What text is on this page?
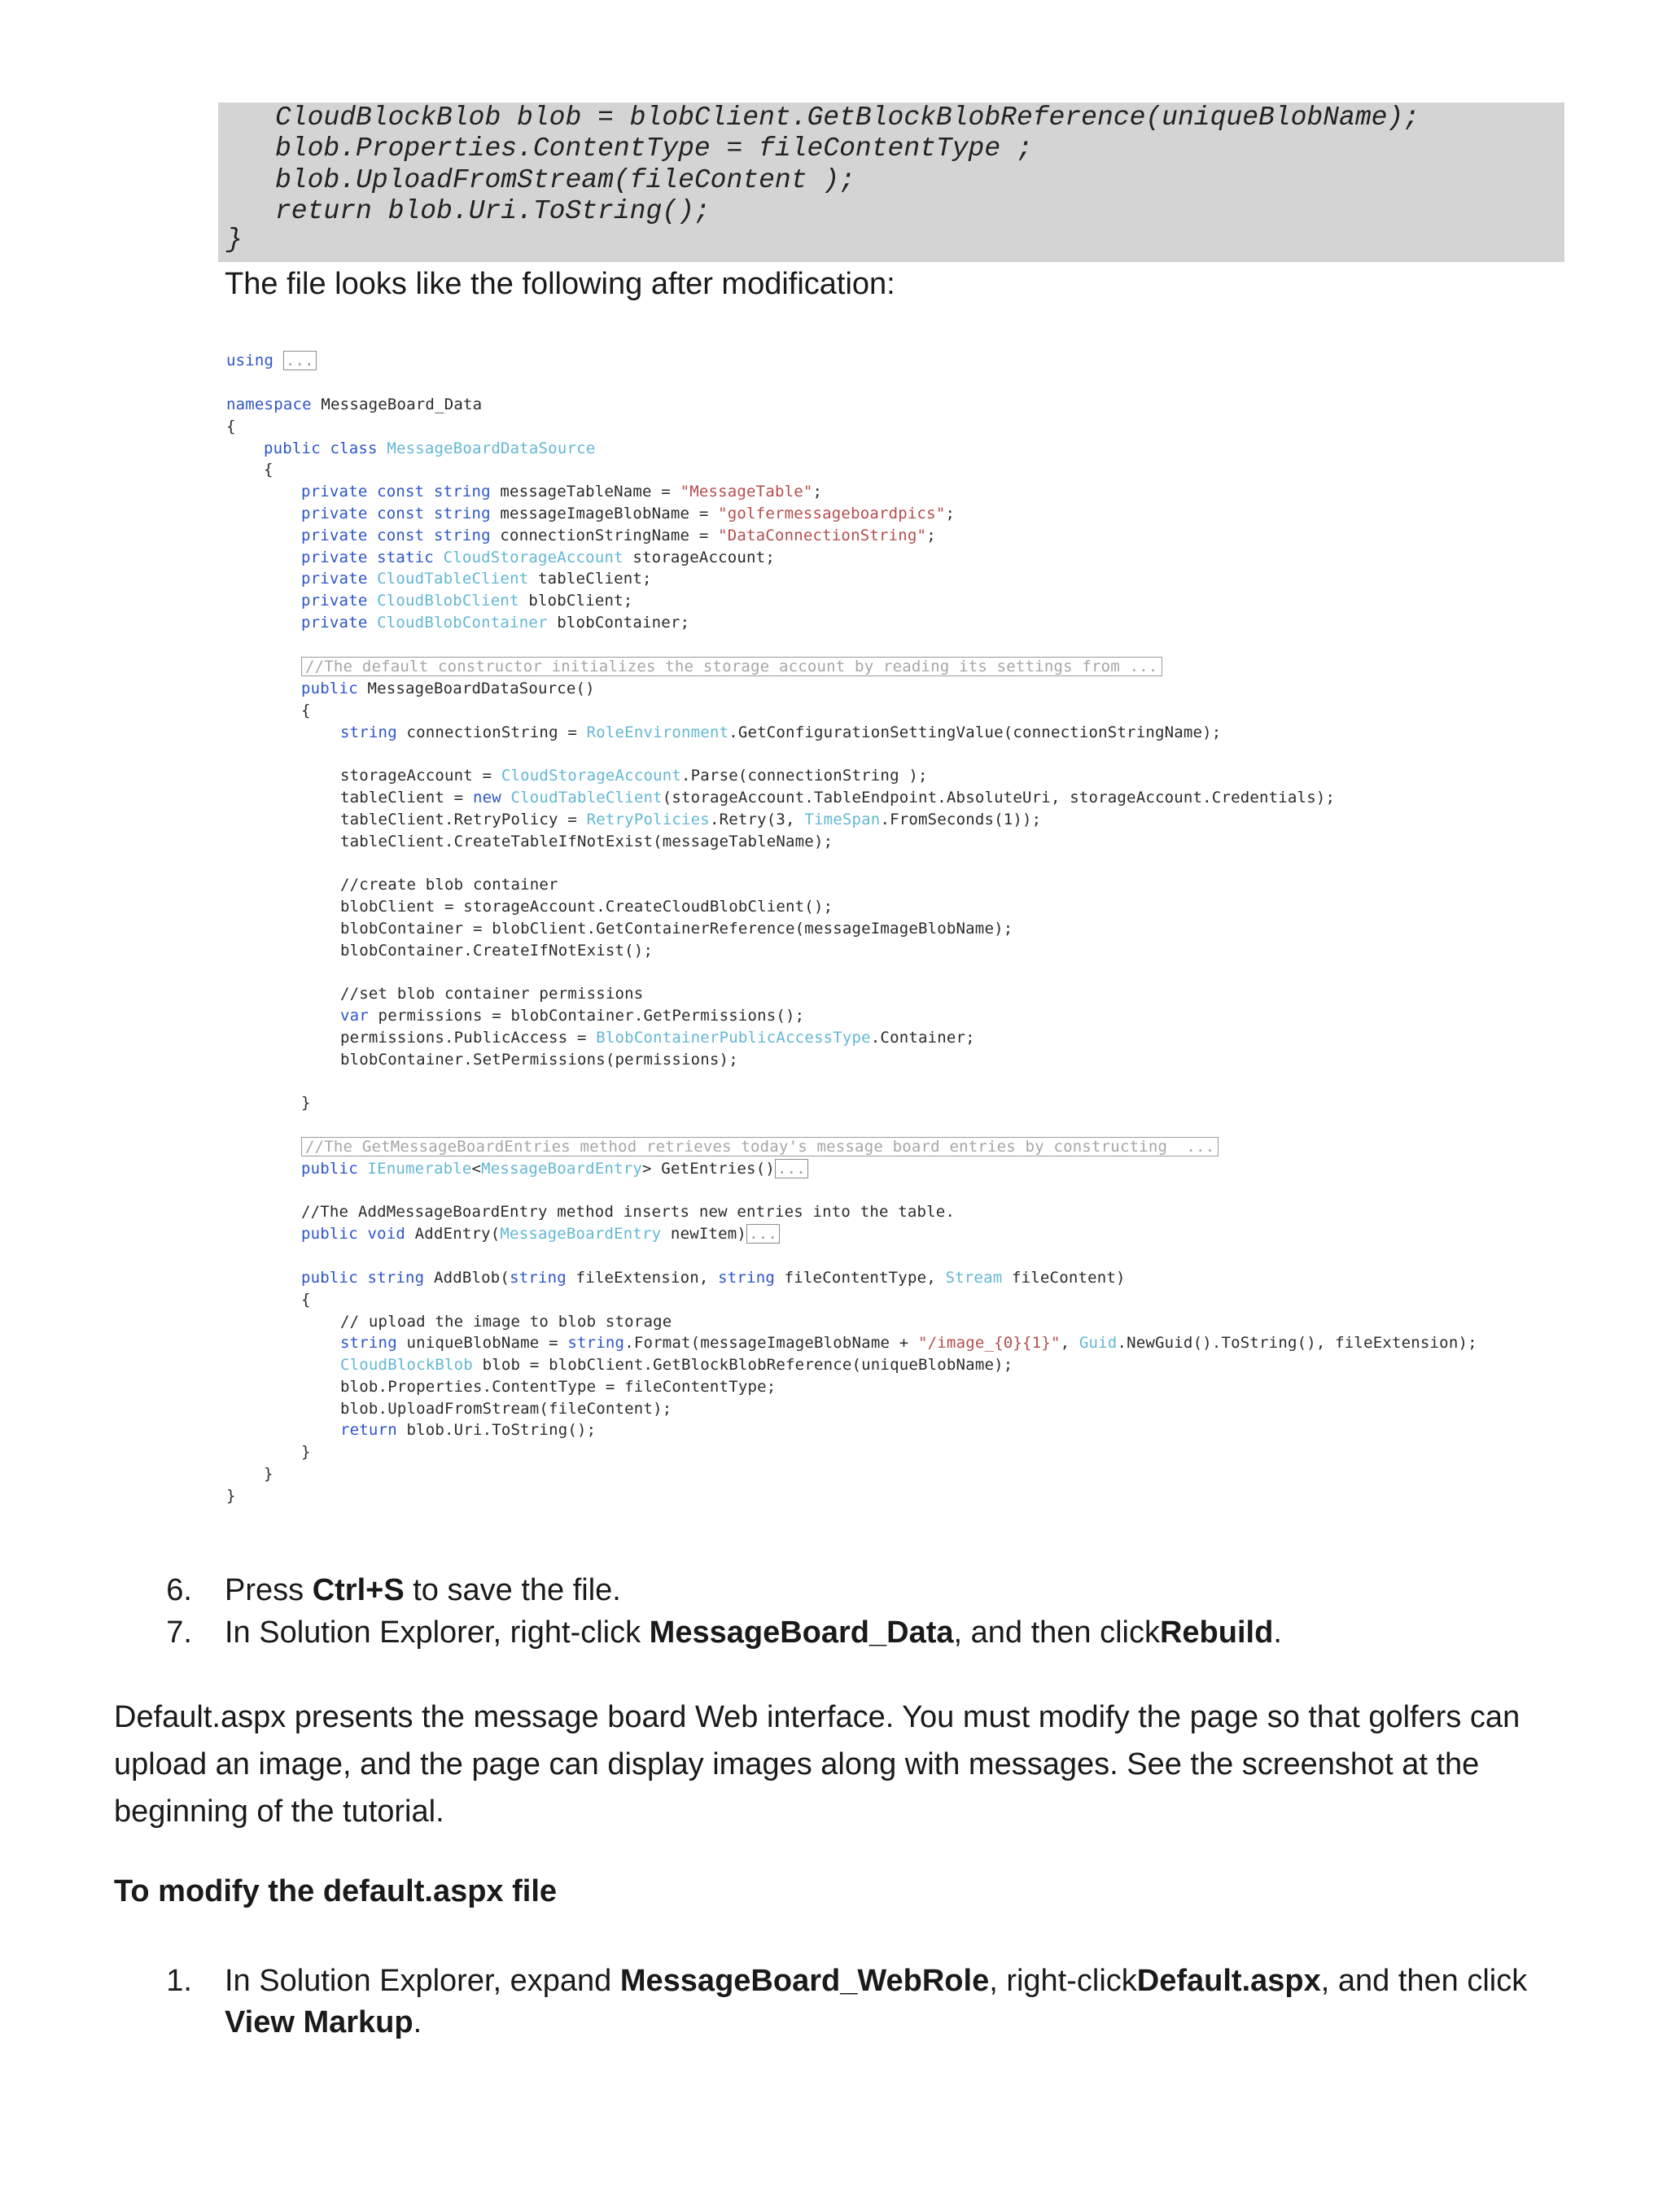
CloudBlockBlob blob = blobClient.GetBlockBlobReference(uniqueBlobName);
blob.Properties.ContentType = fileContentType ;
blob.UploadFromStream(fileContent );
return blob.Uri.ToString();
}
The file looks like the following after modification:
using ...
namespace MessageBoard_Data
{
public class MessageBoardDataSource
{
private const string messageTableName = "MessageTable";
private const string messageImageBlobName = "golfermessageboardpics";
private const string connectionStringName = "DataConnectionString";
private static CloudStorageAccount storageAccount;
private CloudTableClient tableClient;
private CloudBlobClient blobClient;
private CloudBlobContainer blobContainer;
//The default constructor initializes the storage account by reading its settings from ...
public MessageBoardDataSource()
{
string connectionString = RoleEnvironment.GetConfigurationSettingValue(connectionStringName);
storageAccount = CloudStorageAccount.Parse(connectionString );
tableClient = new CloudTableClient(storageAccount.TableEndpoint.AbsoluteUri, storageAccount.Credentials);
tableClient.RetryPolicy = RetryPolicies.Retry(3, TimeSpan.FromSeconds(1));
tableClient.CreateTableIfNotExist(messageTableName);
//create blob container
blobClient = storageAccount.CreateCloudBlobClient();
blobContainer = blobClient.GetContainerReference(messageImageBlobName);
blobContainer.CreateIfNotExist();
//set blob container permissions
var permissions = blobContainer.GetPermissions();
permissions.PublicAccess = BlobContainerPublicAccessType.Container;
blobContainer.SetPermissions(permissions);
}
//The GetMessageBoardEntries method retrieves today's message board entries by constructing  ...
public IEnumerable<MessageBoardEntry> GetEntries() ...
//The AddMessageBoardEntry method inserts new entries into the table.
public void AddEntry(MessageBoardEntry newItem) ...
public string AddBlob(string fileExtension, string fileContentType, Stream fileContent)
{
// upload the image to blob storage
string uniqueBlobName = string.Format(messageImageBlobName + "/image_{0}{1}", Guid.NewGuid().ToString(), fileExtension);
CloudBlockBlob blob = blobClient.GetBlockBlobReference(uniqueBlobName);
blob.Properties.ContentType = fileContentType;
blob.UploadFromStream(fileContent);
return blob.Uri.ToString();
}
}
}
6. Press Ctrl+S to save the file.
7. In Solution Explorer, right-click MessageBoard_Data, and then clickRebuild.
Default.aspx presents the message board Web interface. You must modify the page so that golfers can
upload an image, and the page can display images along with messages. See the screenshot at the
beginning of the tutorial.
To modify the default.aspx file
1. In Solution Explorer, expand MessageBoard_WebRole, right-clickDefault.aspx, and then click
View Markup.
